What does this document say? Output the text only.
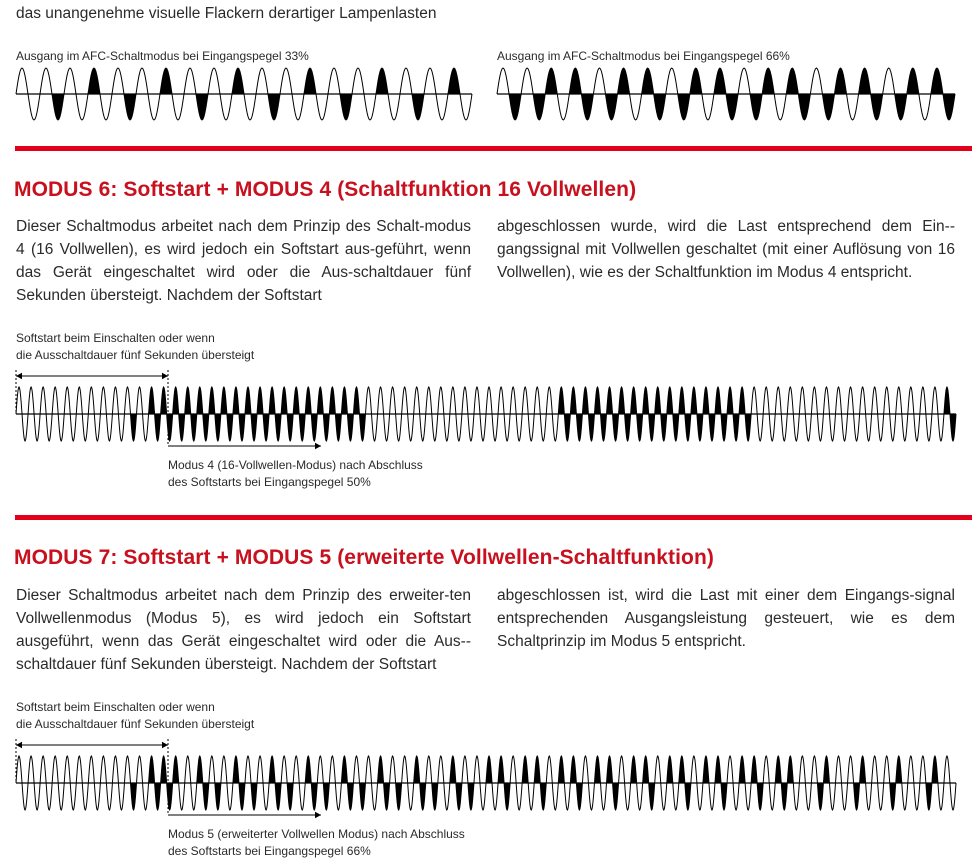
das unangenehme visuelle Flackern derartiger Lampenlasten
Ausgang im AFC-Schaltmodus bei Eingangspegel 33%	Ausgang im AFC-Schaltmodus bei Eingangspegel 66%
MODUS 6: Softstart + MODUS 4 (Schaltfunktion 16 Vollwellen)

Dieser Schaltmodus arbeitet nach dem Prinzip des Schalt-modus 4 (16 Vollwellen), es wird jedoch ein Softstart aus-geführt, wenn das Gerät eingeschaltet wird oder die Aus-schaltdauer fünf Sekunden übersteigt. Nachdem der Softstart

abgeschlossen wurde, wird die Last entsprechend dem Ein-gangssignal mit Vollwellen geschaltet (mit einer Auflösung von 16 Vollwellen), wie es der Schaltfunktion im Modus 4 entspricht.

Softstart beim Einschalten oder wenn
die Ausschaltdauer fünf Sekunden übersteigt
Modus 4 (16-Vollwellen-Modus) nach Abschluss
des Softstarts bei Eingangspegel 50%
MODUS 7: Softstart + MODUS 5 (erweiterte Vollwellen-Schaltfunktion)

Dieser Schaltmodus arbeitet nach dem Prinzip des erweiter-ten Vollwellenmodus (Modus 5), es wird jedoch ein Softstart ausgeführt, wenn das Gerät eingeschaltet wird oder die Aus-schaltdauer fünf Sekunden übersteigt. Nachdem der Softstart

abgeschlossen ist, wird die Last mit einer dem Eingangs-signal entsprechenden Ausgangsleistung gesteuert, wie es dem Schaltprinzip im Modus 5 entspricht.

Softstart beim Einschalten oder wenn
die Ausschaltdauer fünf Sekunden übersteigt
Modus 5 (erweiterter Vollwellen Modus) nach Abschluss
des Softstarts bei Eingangspegel 66%
